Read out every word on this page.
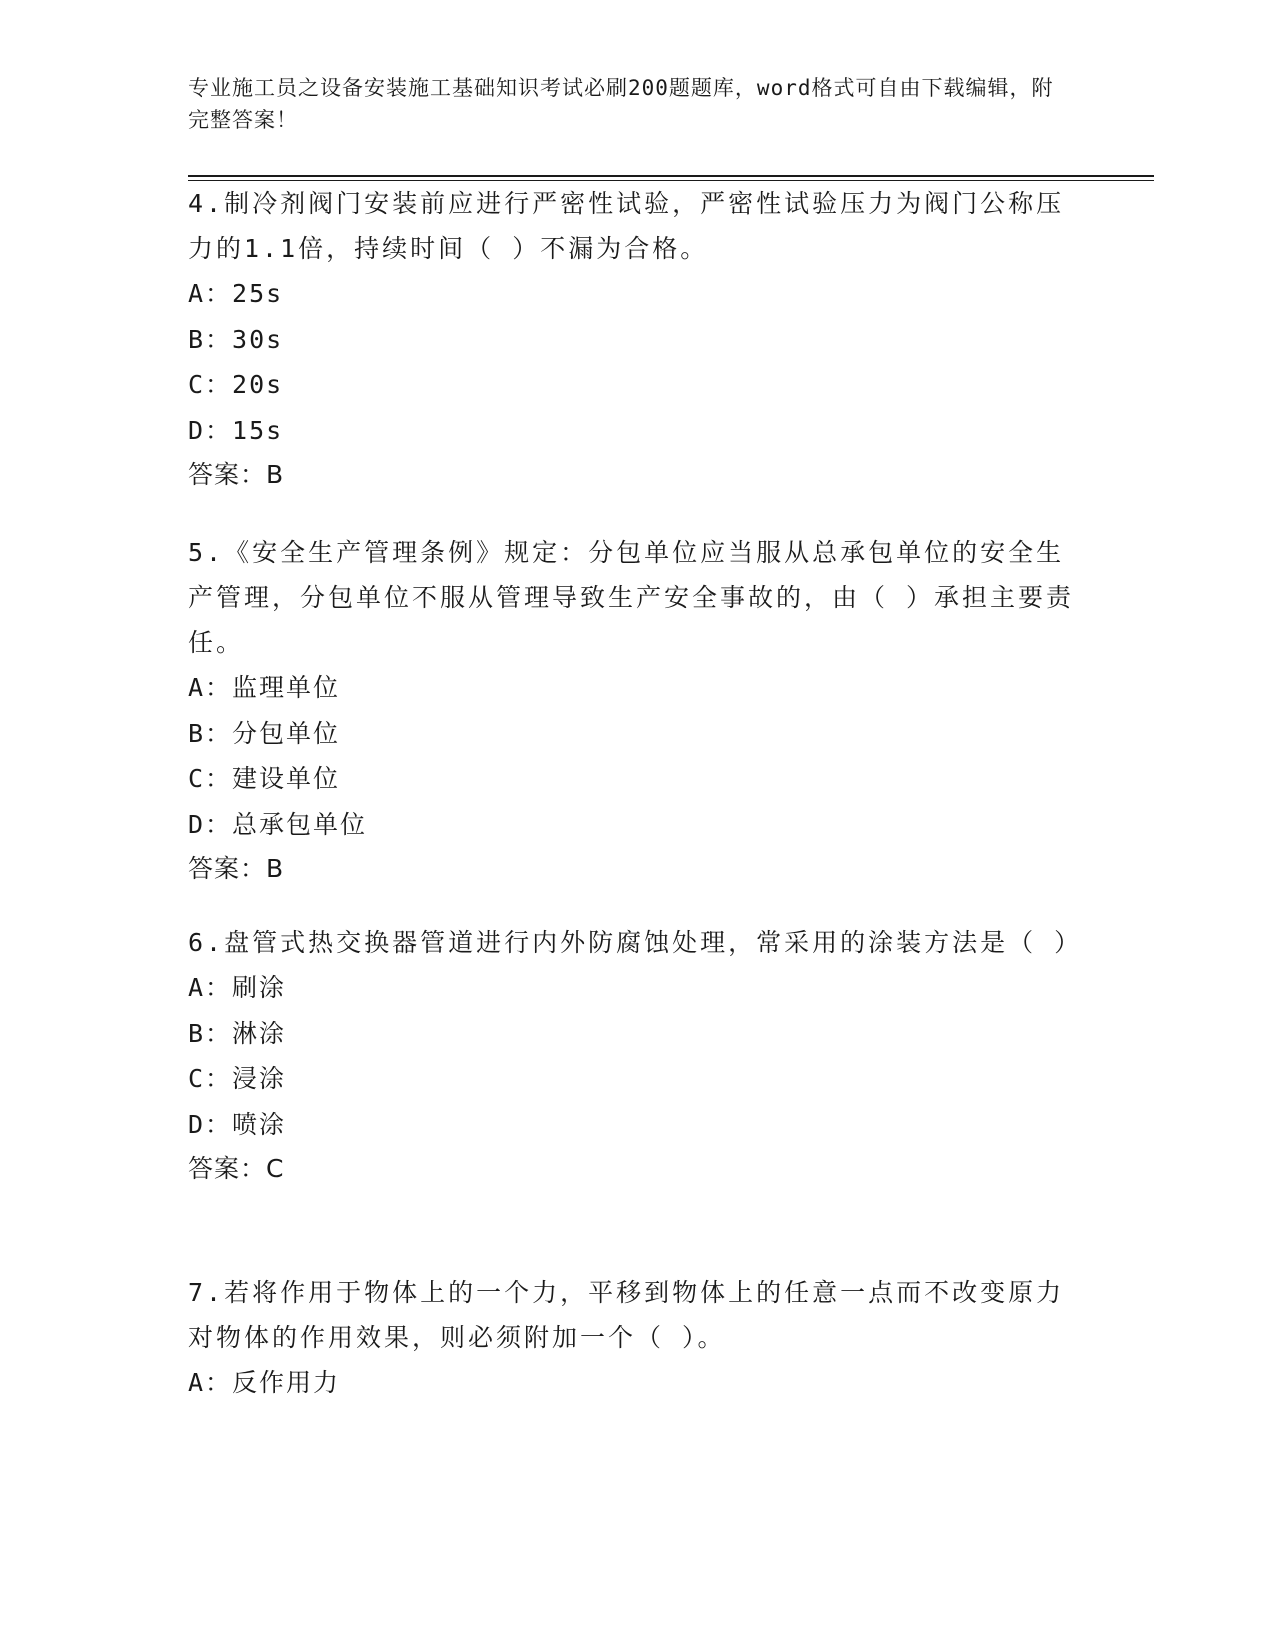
专业施工员之设备安装施工基础知识考试必刷200题题库，word格式可自由下载编辑，附完整答案！

4.制冷剂阀门安装前应进行严密性试验，严密性试验压力为阀门公称压力的1.1倍，持续时间（ ）不漏为合格。

A：25s

B：30s

C：20s

D：15s

答案：B

5.《安全生产管理条例》规定：分包单位应当服从总承包单位的安全生产管理，分包单位不服从管理导致生产安全事故的，由（ ）承担主要责任。

A：监理单位

B：分包单位

C：建设单位

D：总承包单位

答案：B

6.盘管式热交换器管道进行内外防腐蚀处理，常采用的涂装方法是（ ）

A：刷涂

B：淋涂

C：浸涂

D：喷涂

答案：C

7.若将作用于物体上的一个力，平移到物体上的任意一点而不改变原力对物体的作用效果，则必须附加一个（ ）。

A：反作用力
